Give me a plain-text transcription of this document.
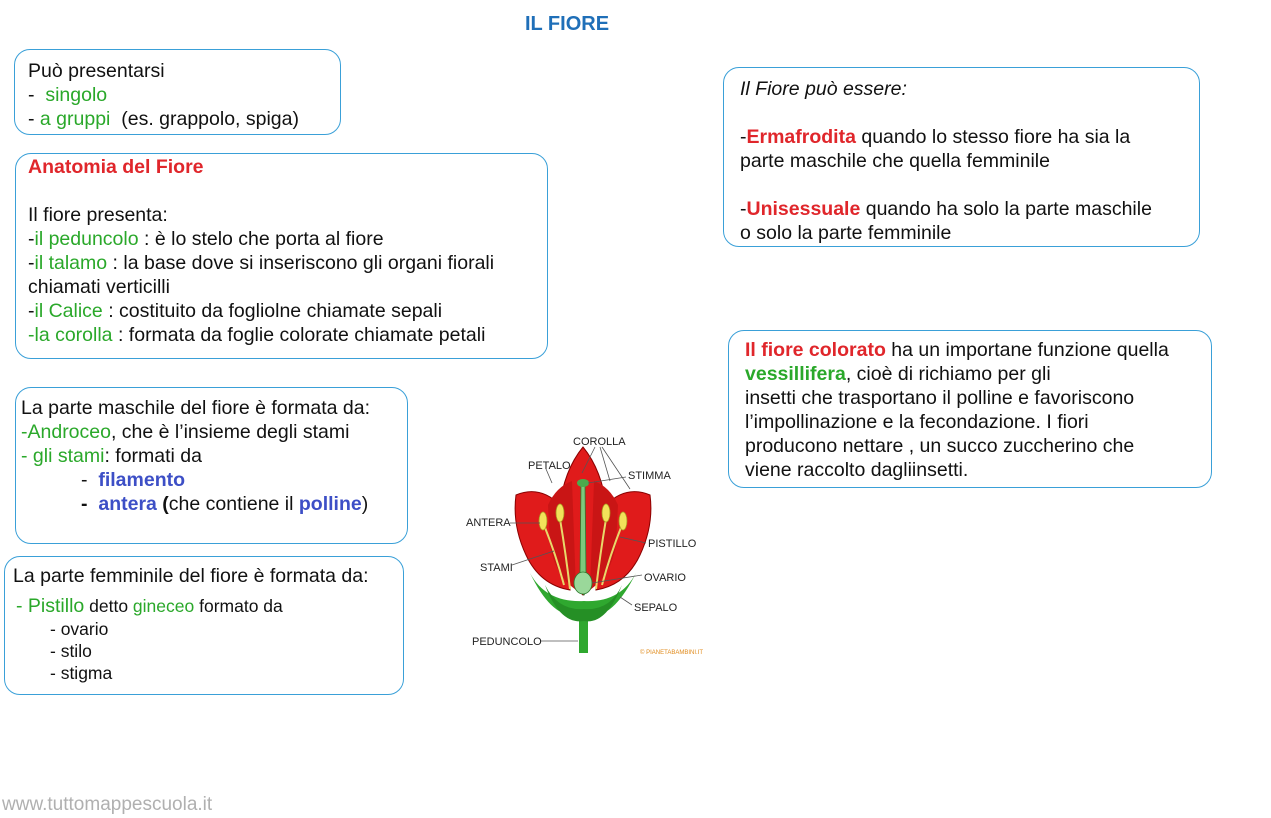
IL FIORE
Può presentarsi
-  singolo
- a gruppi  (es. grappolo, spiga)
Anatomia del Fiore
Il fiore presenta:
-il peduncolo : è lo stelo che porta al fiore
-il talamo : la base dove si inseriscono gli organi fiorali
chiamati verticilli
-il Calice : costituito da fogliolne chiamate sepali
-la corolla : formata da foglie colorate chiamate petali
La parte maschile del fiore è formata da:
-Androceo, che è l’insieme degli stami
- gli stami: formati da
-  filamento
-  antera (che contiene il polline)
La parte femminile del fiore è formata da:
- Pistillo detto gineceo formato da
- ovario
- stilo
- stigma
Il Fiore può essere:
-Ermafrodita quando lo stesso fiore ha sia la
parte maschile che quella femminile
-Unisessuale quando ha solo la parte maschile
o solo la parte femminile
Il fiore colorato ha un importane funzione quella
vessillifera, cioè di richiamo per gli
insetti che trasportano il polline e favoriscono
l’impollinazione e la fecondazione. I fiori
producono nettare , un succo zuccherino che
viene raccolto dagliinsetti.
COROLLA
PETALO
STIMMA
ANTERA
PISTILLO
STAMI
OVARIO
SEPALO
PEDUNCOLO
© PIANETABAMBINI.IT
www.tuttomappescuola.it
